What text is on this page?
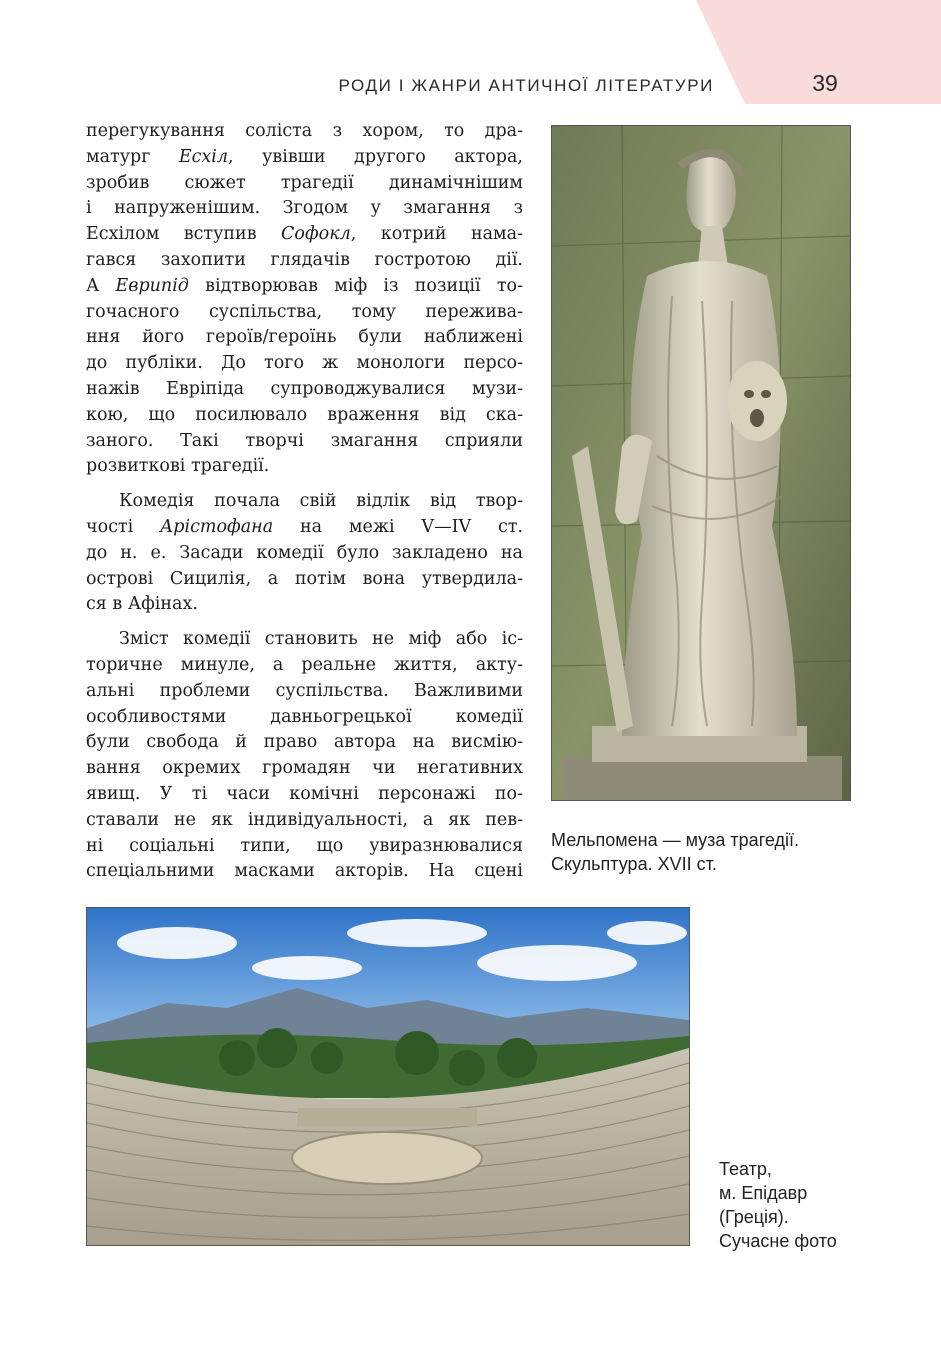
РОДИ І ЖАНРИ АНТИЧНОЇ ЛІТЕРАТУРИ	39

перегукування соліста з хором, то дра-
матург Есхіл, увівши другого актора,
зробив сюжет трагедії динамічнішим
і напруженішим. Згодом у змагання з
Есхілом вступив Софокл, котрий нама-
гався захопити глядачів гостротою дії.
А Еврипід відтворював міф із позиції то-
гочасного суспільства, тому пережива-
ння його героїв/героїнь були наближені
до публіки. До того ж монологи персо-
нажів Евріпіда супроводжувалися музи-
кою, що посилювало враження від ска-
заного. Такі творчі змагання сприяли
розвиткові трагедії.

Комедія почала свій відлік від твор-
чості Арістофана на межі V—IV ст.
до н. е. Засади комедії було закладено на
острові Сицилія, а потім вона утвердила-
ся в Афінах.

Зміст комедії становить не міф або іс-
торичне минуле, а реальне життя, акту-
альні проблеми суспільства. Важливими
особливостями давньогрецької комедії
були свобода й право автора на висмію-
вання окремих громадян чи негативних
явищ. У ті часи комічні персонажі по-
ставали не як індивідуальності, а як пев-
ні соціальні типи, що увиразнювалися
спеціальними масками акторів. На сцені

Мельпомена — муза трагедії.
Скульптура. XVII ст.
Театр,
м. Епідавр
(Греція).
Сучасне фото
